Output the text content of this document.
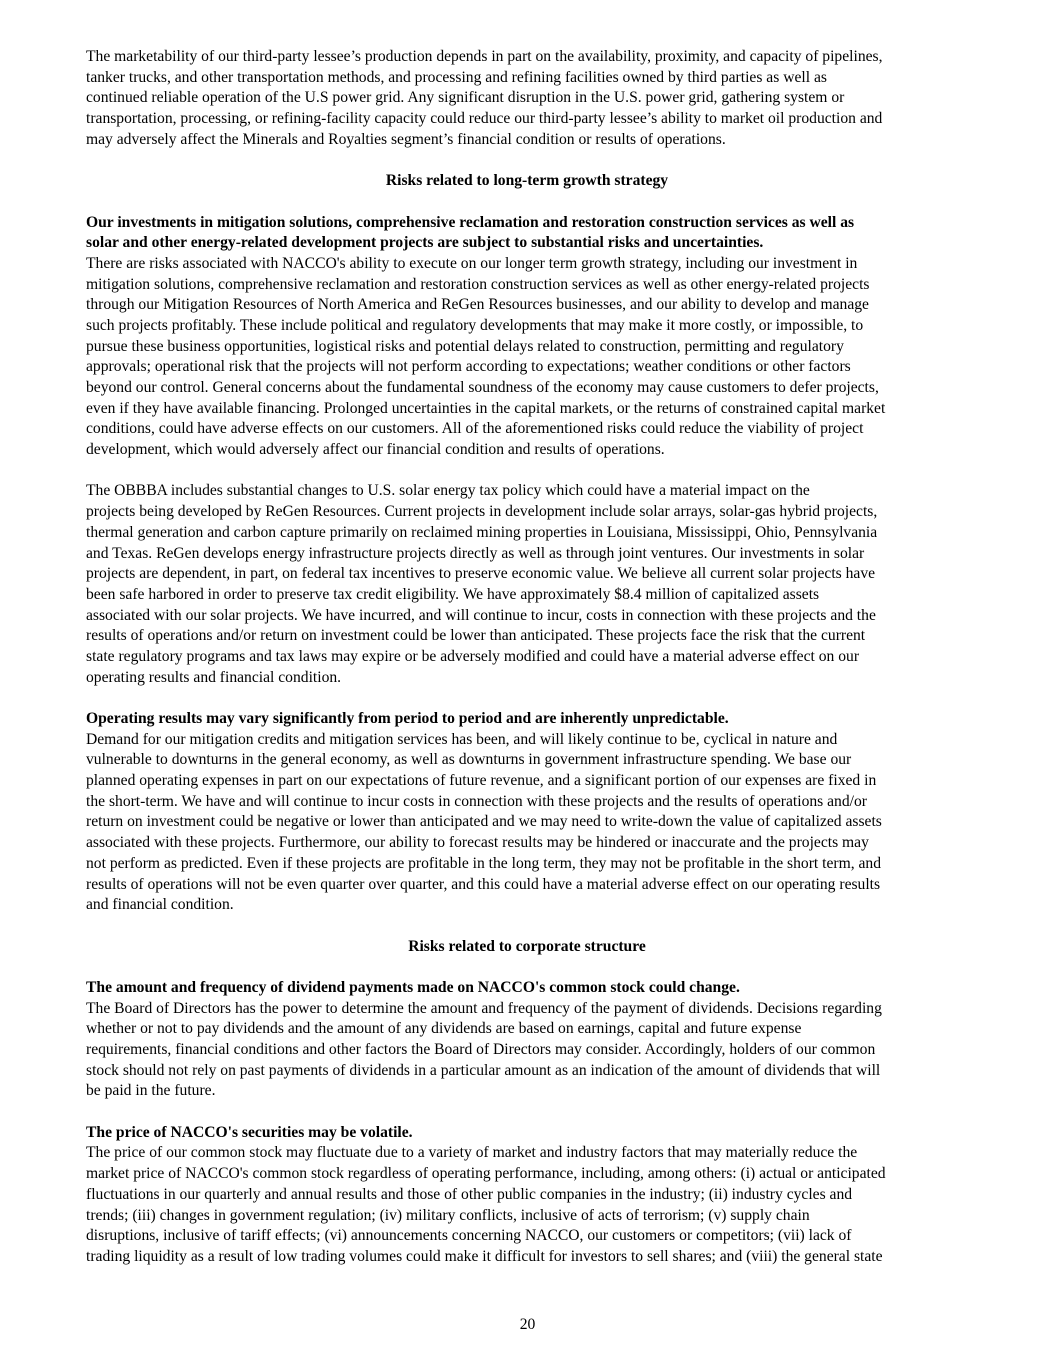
The marketability of our third-party lessee’s production depends in part on the availability, proximity, and capacity of pipelines,
tanker trucks, and other transportation methods, and processing and refining facilities owned by third parties as well as
continued reliable operation of the U.S power grid. Any significant disruption in the U.S. power grid, gathering system or
transportation, processing, or refining-facility capacity could reduce our third-party lessee’s ability to market oil production and
may adversely affect the Minerals and Royalties segment’s financial condition or results of operations.
Risks related to long-term growth strategy
Our investments in mitigation solutions, comprehensive reclamation and restoration construction services as well as
solar and other energy-related development projects are subject to substantial risks and uncertainties.
There are risks associated with NACCO's ability to execute on our longer term growth strategy, including our investment in
mitigation solutions, comprehensive reclamation and restoration construction services as well as other energy-related projects
through our Mitigation Resources of North America and ReGen Resources businesses, and our ability to develop and manage
such projects profitably. These include political and regulatory developments that may make it more costly, or impossible, to
pursue these business opportunities, logistical risks and potential delays related to construction, permitting and regulatory
approvals; operational risk that the projects will not perform according to expectations; weather conditions or other factors
beyond our control. General concerns about the fundamental soundness of the economy may cause customers to defer projects,
even if they have available financing. Prolonged uncertainties in the capital markets, or the returns of constrained capital market
conditions, could have adverse effects on our customers. All of the aforementioned risks could reduce the viability of project
development, which would adversely affect our financial condition and results of operations.
The OBBBA includes substantial changes to U.S. solar energy tax policy which could have a material impact on the
projects being developed by ReGen Resources. Current projects in development include solar arrays, solar-gas hybrid projects,
thermal generation and carbon capture primarily on reclaimed mining properties in Louisiana, Mississippi, Ohio, Pennsylvania
and Texas. ReGen develops energy infrastructure projects directly as well as through joint ventures. Our investments in solar
projects are dependent, in part, on federal tax incentives to preserve economic value. We believe all current solar projects have
been safe harbored in order to preserve tax credit eligibility. We have approximately $8.4 million of capitalized assets
associated with our solar projects. We have incurred, and will continue to incur, costs in connection with these projects and the
results of operations and/or return on investment could be lower than anticipated. These projects face the risk that the current
state regulatory programs and tax laws may expire or be adversely modified and could have a material adverse effect on our
operating results and financial condition.
Operating results may vary significantly from period to period and are inherently unpredictable.
Demand for our mitigation credits and mitigation services has been, and will likely continue to be, cyclical in nature and
vulnerable to downturns in the general economy, as well as downturns in government infrastructure spending. We base our
planned operating expenses in part on our expectations of future revenue, and a significant portion of our expenses are fixed in
the short-term. We have and will continue to incur costs in connection with these projects and the results of operations and/or
return on investment could be negative or lower than anticipated and we may need to write-down the value of capitalized assets
associated with these projects. Furthermore, our ability to forecast results may be hindered or inaccurate and the projects may
not perform as predicted. Even if these projects are profitable in the long term, they may not be profitable in the short term, and
results of operations will not be even quarter over quarter, and this could have a material adverse effect on our operating results
and financial condition.
Risks related to corporate structure
The amount and frequency of dividend payments made on NACCO's common stock could change.
The Board of Directors has the power to determine the amount and frequency of the payment of dividends. Decisions regarding
whether or not to pay dividends and the amount of any dividends are based on earnings, capital and future expense
requirements, financial conditions and other factors the Board of Directors may consider. Accordingly, holders of our common
stock should not rely on past payments of dividends in a particular amount as an indication of the amount of dividends that will
be paid in the future.
The price of NACCO's securities may be volatile.
The price of our common stock may fluctuate due to a variety of market and industry factors that may materially reduce the
market price of NACCO's common stock regardless of operating performance, including, among others: (i) actual or anticipated
fluctuations in our quarterly and annual results and those of other public companies in the industry; (ii) industry cycles and
trends; (iii) changes in government regulation; (iv) military conflicts, inclusive of acts of terrorism; (v) supply chain
disruptions, inclusive of tariff effects; (vi) announcements concerning NACCO, our customers or competitors; (vii) lack of
trading liquidity as a result of low trading volumes could make it difficult for investors to sell shares; and (viii) the general state
20
